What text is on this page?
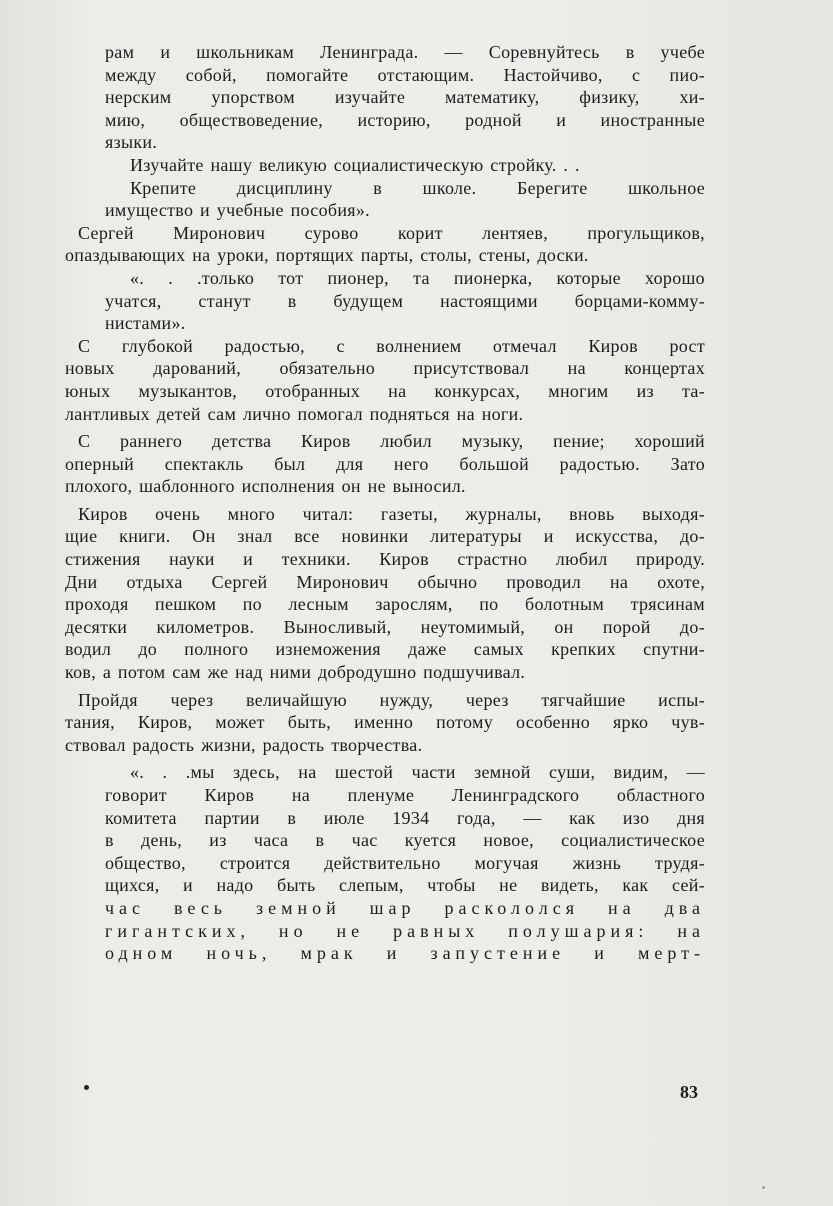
рам и школьникам Ленинграда. — Соревнуйтесь в учебе
между собой, помогайте отстающим. Настойчиво, с пио-
нерским упорством изучайте математику, физику, хи-
мию, обществоведение, историю, родной и иностранные
языки.
Изучайте нашу великую социалистическую стройку. . .
Крепите дисциплину в школе. Берегите школьное
имущество и учебные пособия».
Сергей Миронович сурово корит лентяев, прогульщиков,
опаздывающих на уроки, портящих парты, столы, стены, доски.
«. . .только тот пионер, та пионерка, которые хорошо
учатся, станут в будущем настоящими борцами-комму-
нистами».
С глубокой радостью, с волнением отмечал Киров рост
новых дарований, обязательно присутствовал на концертах
юных музыкантов, отобранных на конкурсах, многим из та-
лантливых детей сам лично помогал подняться на ноги.
С раннего детства Киров любил музыку, пение; хороший
оперный спектакль был для него большой радостью. Зато
плохого, шаблонного исполнения он не выносил.
Киров очень много читал: газеты, журналы, вновь выходя-
щие книги. Он знал все новинки литературы и искусства, до-
стижения науки и техники. Киров страстно любил природу.
Дни отдыха Сергей Миронович обычно проводил на охоте,
проходя пешком по лесным зарослям, по болотным трясинам
десятки километров. Выносливый, неутомимый, он порой до-
водил до полного изнеможения даже самых крепких спутни-
ков, а потом сам же над ними добродушно подшучивал.
Пройдя через величайшую нужду, через тягчайшие испы-
тания, Киров, может быть, именно потому особенно ярко чув-
ствовал радость жизни, радость творчества.
«. . .мы здесь, на шестой части земной суши, видим, —
говорит Киров на пленуме Ленинградского областного
комитета партии в июле 1934 года, — как изо дня
в день, из часа в час куется новое, социалистическое
общество, строится действительно могучая жизнь трудя-
щихся, и надо быть слепым, чтобы не видеть, как сей-
час весь земной шар раскололся на два
гигантских, но не равных полушария: на
одном ночь, мрак и запустение и мерт-
83
